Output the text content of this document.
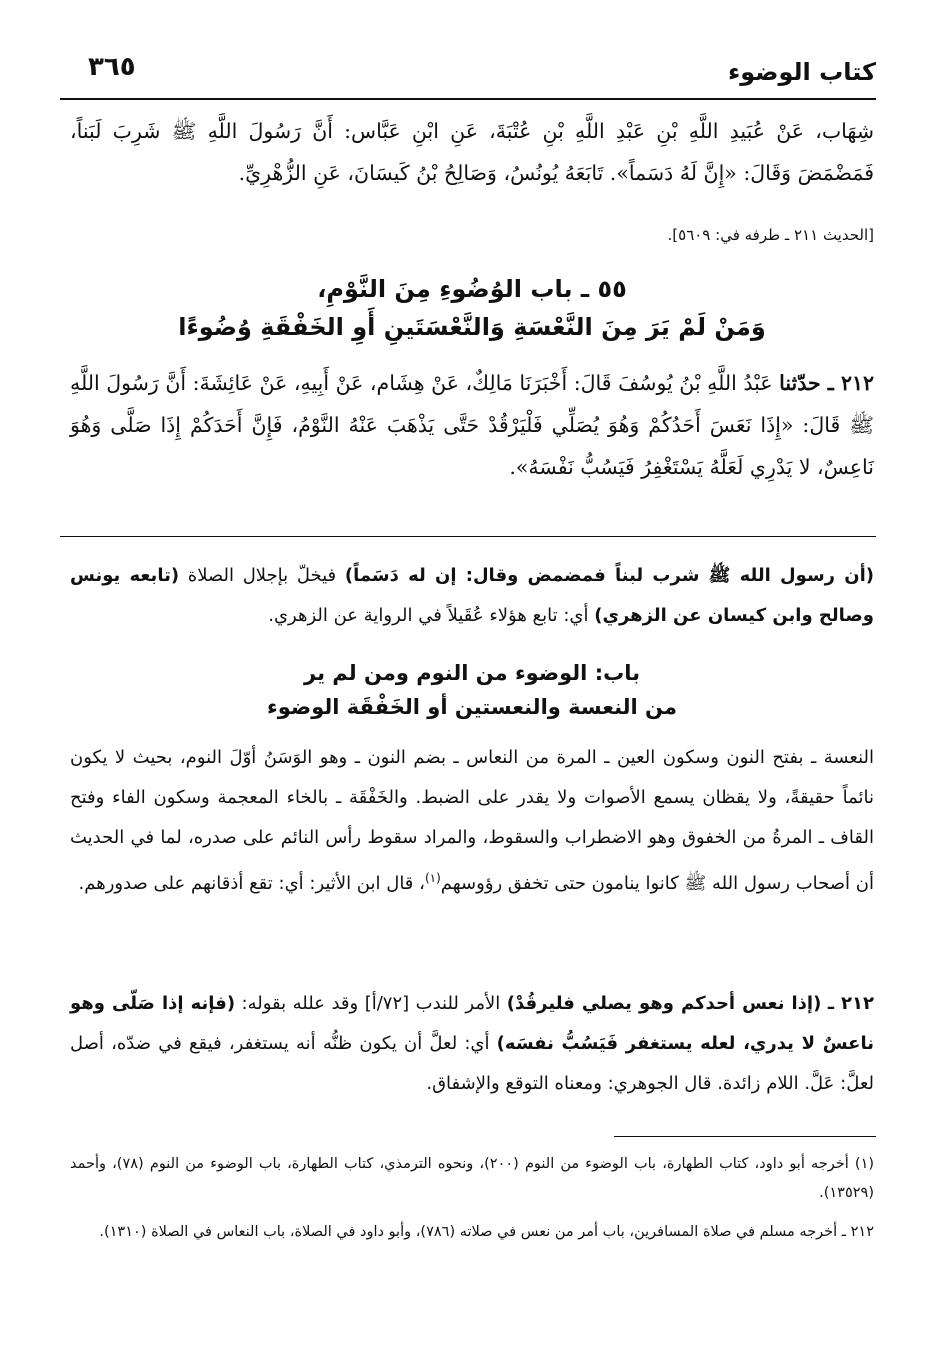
كتاب الوضوء
٣٦٥
شِهَاب، عَنْ عُبَيدِ اللَّهِ بْنِ عَبْدِ اللَّهِ بْنِ عُتْبَةَ، عَنِ ابْنِ عَبَّاس: أَنَّ رَسُولَ اللَّهِ ﷺ شَرِبَ لَبَناً، فَمَضْمَضَ وَقَالَ: «إِنَّ لَهُ دَسَماً». تَابَعَهُ يُونُسُ، وَصَالِحُ بْنُ كَيسَانَ، عَنِ الزُّهْرِيِّ.
[الحديث ٢١١ ـ طرفه في: ٥٦٠٩].
٥٥ ـ باب الوُضُوءِ مِنَ النَّوْمِ،
وَمَنْ لَمْ يَرَ مِنَ النَّعْسَةِ وَالنَّعْسَتَينِ أَوِ الخَفْقَةِ وُضُوءًا
٢١٢ ـ حدّثنا عَبْدُ اللَّهِ بْنُ يُوسُفَ قَالَ: أَخْبَرَنَا مَالِكٌ، عَنْ هِشَام، عَنْ أَبِيهِ، عَنْ عَائِشَةَ: أَنَّ رَسُولَ اللَّهِ ﷺ قَالَ: «إِذَا نَعَسَ أَحَدُكُمْ وَهُوَ يُصَلِّي فَلْيَرْقُدْ حَتَّى يَذْهَبَ عَنْهُ النَّوْمُ، فَإِنَّ أَحَدَكُمْ إِذَا صَلَّى وَهُوَ نَاعِسٌ، لا يَدْرِي لَعَلَّهُ يَسْتَغْفِرُ فَيَسُبُّ نَفْسَهُ».
(أن رسول الله ﷺ شرب لبناً فمضمض وقال: إن له دَسَماً) فيخلّ بإجلال الصلاة (تابعه يونس وصالح وابن كيسان عن الزهري) أي: تابع هؤلاء عُقَيلاً في الرواية عن الزهري.
باب: الوضوء من النوم ومن لم ير
من النعسة والنعستين أو الخَفْقَة الوضوء
النعسة ـ بفتح النون وسكون العين ـ المرة من النعاس ـ بضم النون ـ وهو الوَسَنُ أوّلَ النوم، بحيث لا يكون نائماً حقيقةً، ولا يقظان يسمع الأصوات ولا يقدر على الضبط. والخَفْقَة ـ بالخاء المعجمة وسكون الفاء وفتح القاف ـ المرةُ من الخفوق وهو الاضطراب والسقوط، والمراد سقوط رأس النائم على صدره، لما في الحديث أن أصحاب رسول الله ﷺ كانوا ينامون حتى تخفق رؤوسهم$^{(١)}$، قال ابن الأثير: أي: تقع أذقانهم على صدورهم.
٢١٢ ـ (إذا نعس أحدكم وهو يصلي فليرقُدْ) الأمر للندب [٧٢/أ] وقد علله بقوله: (فإنه إذا صَلّى وهو ناعسٌ لا يدري، لعله يستغفر فَيَسُبُّ نفسَه) أي: لعلَّ أن يكون ظنُّه أنه يستغفر، فيقع في ضدّه، أصل لعلَّ: عَلَّ. اللام زائدة. قال الجوهري: ومعناه التوقع والإشفاق.
(١) أخرجه أبو داود، كتاب الطهارة، باب الوضوء من النوم (٢٠٠)، ونحوه الترمذي، كتاب الطهارة، باب الوضوء من النوم (٧٨)، وأحمد (١٣٥٢٩).
٢١٢ ـ أخرجه مسلم في صلاة المسافرين، باب أمر من نعس في صلاته (٧٨٦)، وأبو داود في الصلاة، باب النعاس في الصلاة (١٣١٠).
